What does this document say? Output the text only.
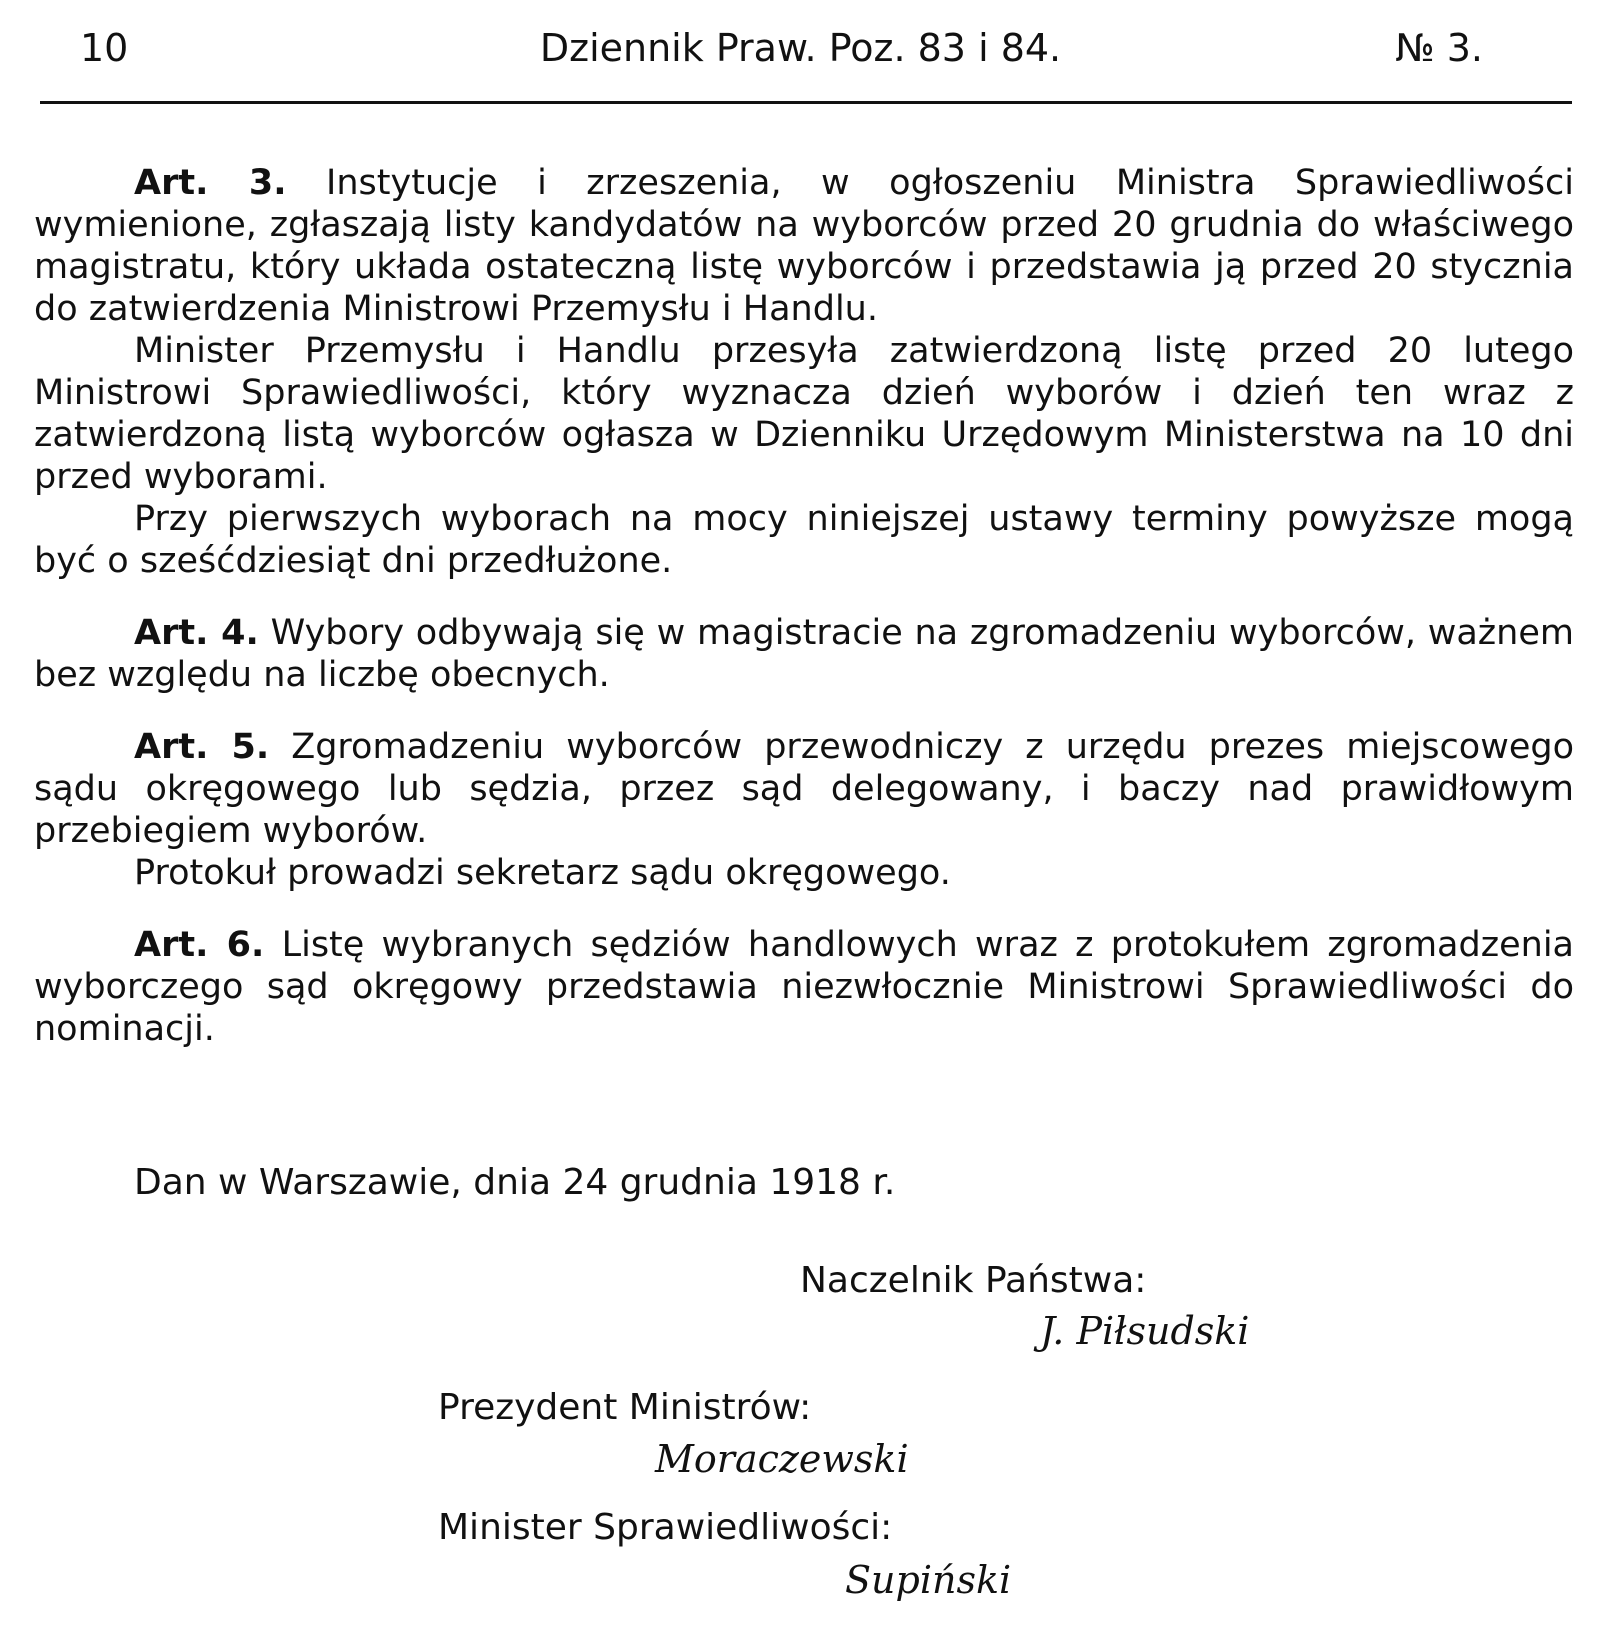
10	Dziennik Praw. Poz. 83 i 84.	№ 3.

Art. 3. Instytucje i zrzeszenia, w ogłoszeniu Ministra Sprawiedliwości wymienione, zgłaszają listy kandydatów na wyborców przed 20 grudnia do właściwego magistratu, który układa ostateczną listę wyborców i przedstawia ją przed 20 stycznia do zatwierdzenia Ministrowi Przemysłu i Handlu.

Minister Przemysłu i Handlu przesyła zatwierdzoną listę przed 20 lutego Ministrowi Sprawiedliwości, który wyznacza dzień wyborów i dzień ten wraz z zatwierdzoną listą wyborców ogłasza w Dzienniku Urzędowym Ministerstwa na 10 dni przed wyborami.

Przy pierwszych wyborach na mocy niniejszej ustawy terminy powyższe mogą być o sześćdziesiąt dni przedłużone.

Art. 4. Wybory odbywają się w magistracie na zgromadzeniu wyborców, ważnem bez względu na liczbę obecnych.

Art. 5. Zgromadzeniu wyborców przewodniczy z urzędu prezes miejscowego sądu okręgowego lub sędzia, przez sąd delegowany, i baczy nad prawidłowym przebiegiem wyborów.

Protokuł prowadzi sekretarz sądu okręgowego.

Art. 6. Listę wybranych sędziów handlowych wraz z protokułem zgromadzenia wyborczego sąd okręgowy przedstawia niezwłocznie Ministrowi Sprawiedliwości do nominacji.

Dan w Warszawie, dnia 24 grudnia 1918 r.
Naczelnik Państwa:
J. Piłsudski
Prezydent Ministrów:
Moraczewski
Minister Sprawiedliwości:
Supiński
